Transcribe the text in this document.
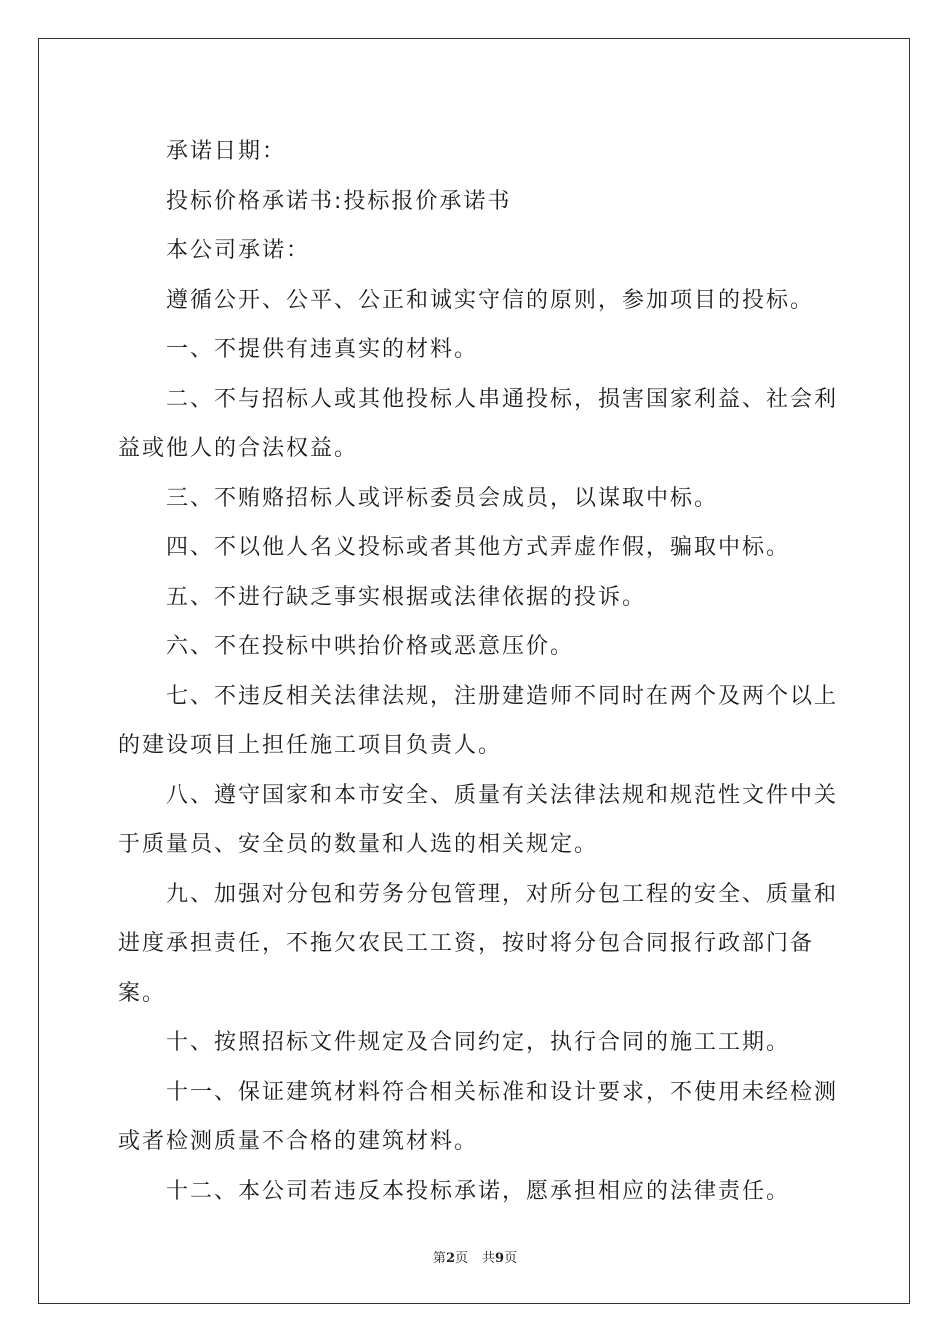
承诺日期：

投标价格承诺书:投标报价承诺书

本公司承诺：

遵循公开、公平、公正和诚实守信的原则，参加项目的投标。

一、不提供有违真实的材料。

二、不与招标人或其他投标人串通投标，损害国家利益、社会利益或他人的合法权益。

三、不贿赂招标人或评标委员会成员，以谋取中标。

四、不以他人名义投标或者其他方式弄虚作假，骗取中标。

五、不进行缺乏事实根据或法律依据的投诉。

六、不在投标中哄抬价格或恶意压价。

七、不违反相关法律法规，注册建造师不同时在两个及两个以上的建设项目上担任施工项目负责人。

八、遵守国家和本市安全、质量有关法律法规和规范性文件中关于质量员、安全员的数量和人选的相关规定。

九、加强对分包和劳务分包管理，对所分包工程的安全、质量和进度承担责任，不拖欠农民工工资，按时将分包合同报行政部门备案。

十、按照招标文件规定及合同约定，执行合同的施工工期。

十一、保证建筑材料符合相关标准和设计要求，不使用未经检测或者检测质量不合格的建筑材料。

十二、本公司若违反本投标承诺，愿承担相应的法律责任。

第2页 共9页
